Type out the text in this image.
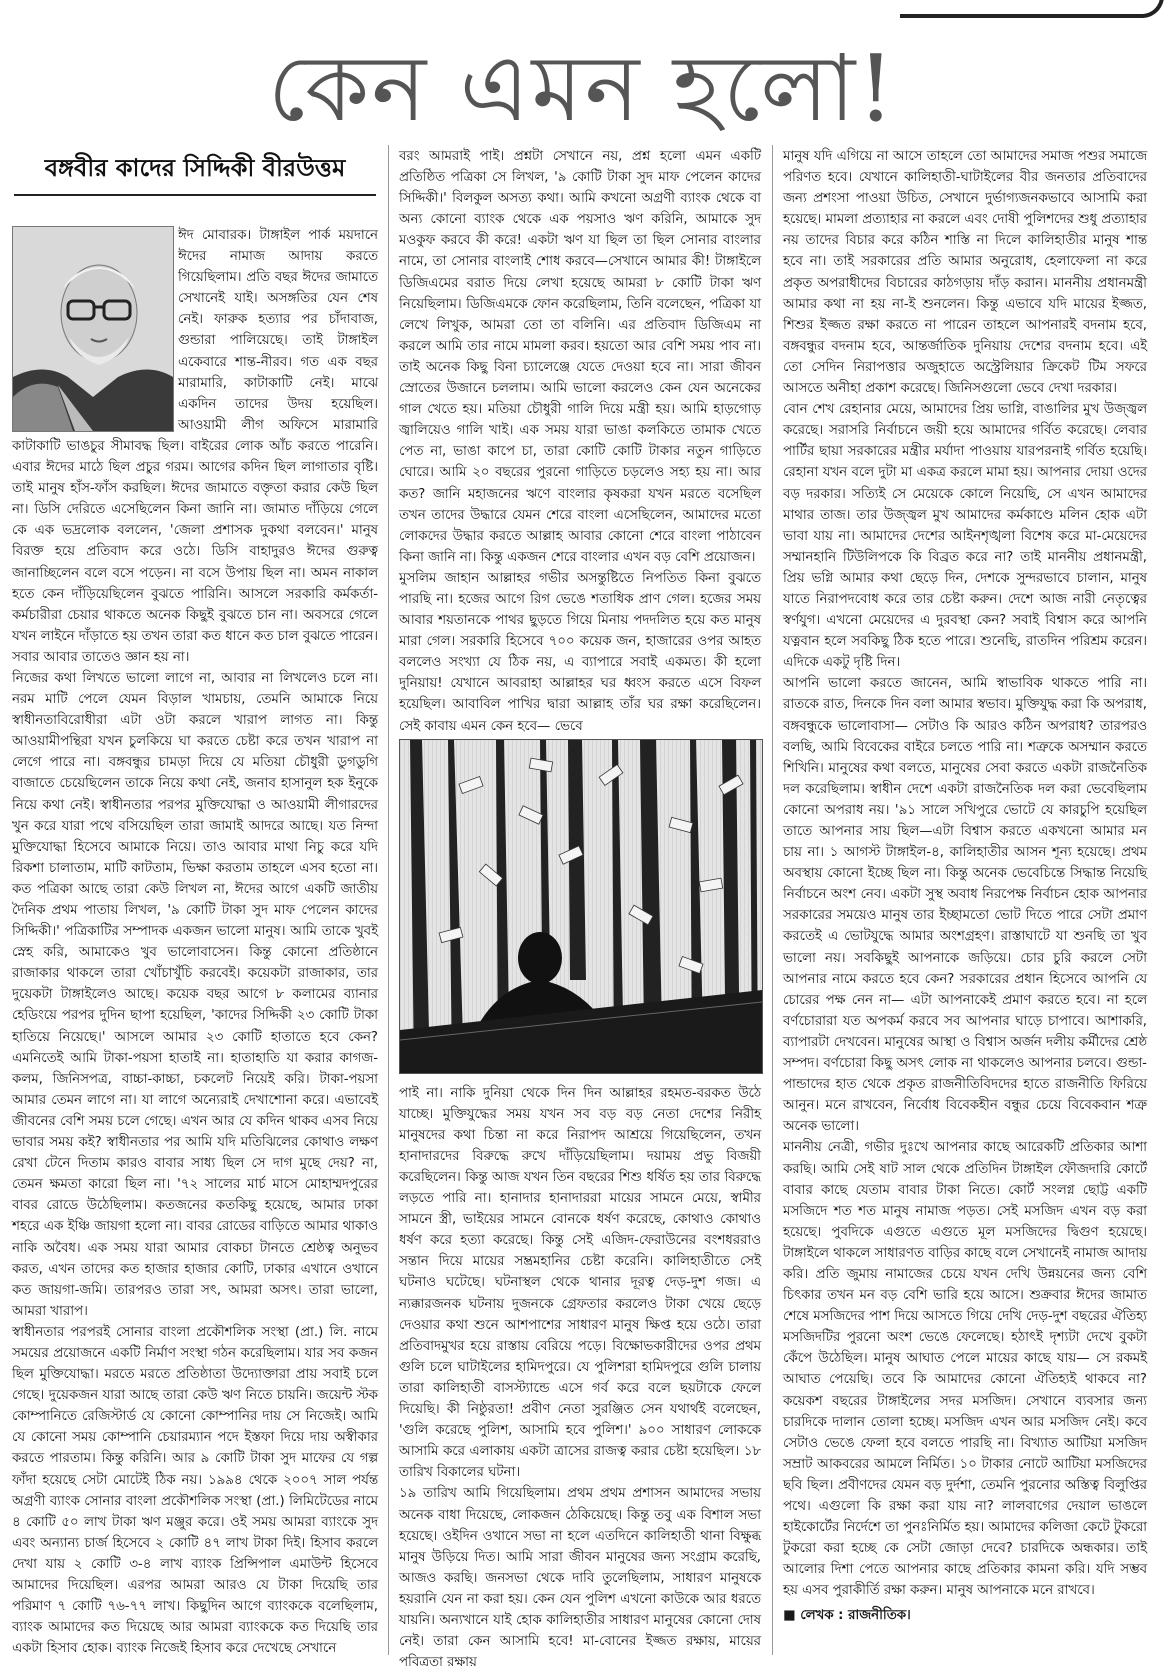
কেন এমন হলো!
বঙ্গবীর কাদের সিদ্দিকী বীরউত্তম

ঈদ মোবারক। টাঙ্গাইল পার্ক ময়দানে ঈদের নামাজ আদায় করতে গিয়েছিলাম। প্রতি বছর ঈদের জামাতে সেখানেই যাই। অসঙ্গতির যেন শেষ নেই। ফারুক হত্যার পর চাঁদাবাজ, গুন্ডারা পালিয়েছে। তাই টাঙ্গাইল একেবারে শান্ত-নীরব। গত এক বছর মারামারি, কাটাকাটি নেই। মাঝে একদিন তাদের উদয় হয়েছিল। আওয়ামী লীগ অফিসে মারামারি কাটাকাটি ভাঙচুর সীমাবদ্ধ ছিল। বাইরের লোক আঁচ করতে পারেনি। এবার ঈদের মাঠে ছিল প্রচুর গরম। আগের কদিন ছিল লাগাতার বৃষ্টি। তাই মানুষ হাঁস-ফাঁস করছিল। ঈদের জামাতে বক্তৃতা করার কেউ ছিল না। ডিসি দেরিতে এসেছিলেন কিনা জানি না। জামাত দাঁড়িয়ে গেলে কে এক ভদ্রলোক বললেন, 'জেলা প্রশাসক দুকথা বলবেন।' মানুষ বিরক্ত হয়ে প্রতিবাদ করে ওঠে। ডিসি বাহাদুরও ঈদের গুরুত্ব জানাচ্ছিলেন বলে বসে পড়েন। না বসে উপায় ছিল না। অমন নাকাল হতে কেন দাঁড়িয়েছিলেন বুঝতে পারিনি। আসলে সরকারি কর্মকর্তা-কর্মচারীরা চেয়ার থাকতে অনেক কিছুই বুঝতে চান না। অবসরে গেলে যখন লাইনে দাঁড়াতে হয় তখন তারা কত ধানে কত চাল বুঝতে পারেন। সবার আবার তাতেও জ্ঞান হয় না।

নিজের কথা লিখতে ভালো লাগে না, আবার না লিখলেও চলে না। নরম মাটি পেলে যেমন বিড়াল খামচায়, তেমনি আমাকে নিয়ে স্বাধীনতাবিরোধীরা এটা ওটা করলে খারাপ লাগত না। কিন্তু আওয়ামীপন্থিরা যখন চুলকিয়ে ঘা করতে চেষ্টা করে তখন খারাপ না লেগে পারে না। বঙ্গবন্ধুর চামড়া দিয়ে যে মতিয়া চৌধুরী ডুগডুগি বাজাতে চেয়েছিলেন তাকে নিয়ে কথা নেই, জনাব হাসানুল হক ইনুকে নিয়ে কথা নেই। স্বাধীনতার পরপর মুক্তিযোদ্ধা ও আওয়ামী লীগারদের খুন করে যারা পথে বসিয়েছিল তারা জামাই আদরে আছে। যত নিন্দা মুক্তিযোদ্ধা হিসেবে আমাকে নিয়ে। তাও আবার মাথা নিচু করে যদি রিকশা চালাতাম, মাটি কাটতাম, ভিক্ষা করতাম তাহলে এসব হতো না। কত পত্রিকা আছে তারা কেউ লিখল না, ঈদের আগে একটি জাতীয় দৈনিক প্রথম পাতায় লিখল, '৯ কোটি টাকা সুদ মাফ পেলেন কাদের সিদ্দিকী।' পত্রিকাটির সম্পাদক একজন ভালো মানুষ। আমি তাকে খুবই স্নেহ করি, আমাকেও খুব ভালোবাসেন। কিন্তু কোনো প্রতিষ্ঠানে রাজাকার থাকলে তারা খোঁচাখুঁচি করবেই। কয়েকটা রাজাকার, তার দুয়েকটা টাঙ্গাইলেও আছে। কয়েক বছর আগে ৮ কলামের ব্যানার হেডিংয়ে পরপর দুদিন ছাপা হয়েছিল, 'কাদের সিদ্দিকী ২৩ কোটি টাকা হাতিয়ে নিয়েছে।' আসলে আমার ২৩ কোটি হাতাতে হবে কেন? এমনিতেই আমি টাকা-পয়সা হাতাই না। হাতাহাতি যা করার কাগজ-কলম, জিনিসপত্র, বাচ্চা-কাচ্চা, চকলেট নিয়েই করি। টাকা-পয়সা আমার তেমন লাগে না। যা লাগে অন্যেরাই দেখাশোনা করে। এভাবেই জীবনের বেশি সময় চলে গেছে। এখন আর যে কদিন থাকব এসব নিয়ে ভাবার সময় কই? স্বাধীনতার পর আমি যদি মতিঝিলের কোথাও লক্ষণ রেখা টেনে দিতাম কারও বাবার সাধ্য ছিল সে দাগ মুছে দেয়? না, তেমন ক্ষমতা কারো ছিল না। '৭২ সালের মার্চ মাসে মোহাম্মদপুরের বাবর রোডে উঠেছিলাম। কতজনের কতকিছু হয়েছে, আমার ঢাকা শহরে এক ইঞ্চি জায়গা হলো না। বাবর রোডের বাড়িতে আমার থাকাও নাকি অবৈধ। এক সময় যারা আমার বোকচা টানতে শ্রেষ্ঠত্ব অনুভব করত, এখন তাদের কত হাজার হাজার কোটি, ঢাকার এখানে ওখানে কত জায়গা-জমি। তারপরও তারা সৎ, আমরা অসৎ। তারা ভালো, আমরা খারাপ।

স্বাধীনতার পরপরই সোনার বাংলা প্রকৌশলিক সংস্থা (প্রা.) লি. নামে সময়ের প্রয়োজনে একটি নির্মাণ সংস্থা গঠন করেছিলাম। যার সব কজন ছিল মুক্তিযোদ্ধা। মরতে মরতে প্রতিষ্ঠাতা উদ্যোক্তারা প্রায় সবাই চলে গেছে। দুয়েকজন যারা আছে তারা কেউ ঋণ নিতে চায়নি। জয়েন্ট স্টক কোম্পানিতে রেজিস্টার্ড যে কোনো কোম্পানির দায় সে নিজেই। আমি যে কোনো সময় কোম্পানি চেয়ারম্যান পদে ইস্তফা দিয়ে দায় অস্বীকার করতে পারতাম। কিন্তু করিনি। আর ৯ কোটি টাকা সুদ মাফের যে গল্প ফাঁদা হয়েছে সেটা মোটেই ঠিক নয়। ১৯৯৪ থেকে ২০০৭ সাল পর্যন্ত অগ্রণী ব্যাংক সোনার বাংলা প্রকৌশলিক সংস্থা (প্রা.) লিমিটেডের নামে ৪ কোটি ৫০ লাখ টাকা ঋণ মঞ্জুর করে। ওই সময় আমরা ব্যাংকে সুদ এবং অন্যান্য চার্জ হিসেবে ২ কোটি ৪৭ লাখ টাকা দিই। হিসাব করলে দেখা যায় ২ কোটি ৩-৪ লাখ ব্যাংক প্রিন্সিপাল এমাউন্ট হিসেবে আমাদের দিয়েছিল। এরপর আমরা আরও যে টাকা দিয়েছি তার পরিমাণ ৭ কোটি ৭৬-৭৭ লাখ। কিছুদিন আগে ব্যাংককে বলেছিলাম, ব্যাংক আমাদের কত দিয়েছে আর আমরা ব্যাংককে কত দিয়েছি তার একটা হিসাব হোক। ব্যাংক নিজেই হিসাব করে দেখেছে সেখানে

বরং আমরাই পাই। প্রশ্নটা সেখানে নয়, প্রশ্ন হলো এমন একটি প্রতিষ্ঠিত পত্রিকা সে লিখল, '৯ কোটি টাকা সুদ মাফ পেলেন কাদের সিদ্দিকী।' বিলকুল অসত্য কথা। আমি কখনো অগ্রণী ব্যাংক থেকে বা অন্য কোনো ব্যাংক থেকে এক পয়সাও ঋণ করিনি, আমাকে সুদ মওকুফ করবে কী করে! একটা ঋণ যা ছিল তা ছিল সোনার বাংলার নামে, তা সোনার বাংলাই শোধ করবে—সেখানে আমার কী! টাঙ্গাইলে ডিজিএমের বরাত দিয়ে লেখা হয়েছে আমরা ৮ কোটি টাকা ঋণ নিয়েছিলাম। ডিজিএমকে ফোন করেছিলাম, তিনি বলেছেন, পত্রিকা যা লেখে লিখুক, আমরা তো তা বলিনি। এর প্রতিবাদ ডিজিএম না করলে আমি তার নামে মামলা করব। হয়তো আর বেশি সময় পাব না। তাই অনেক কিছু বিনা চ্যালেঞ্জে যেতে দেওয়া হবে না। সারা জীবন স্রোতের উজানে চললাম। আমি ভালো করলেও কেন যেন অনেকের গাল খেতে হয়। মতিয়া চৌধুরী গালি দিয়ে মন্ত্রী হয়। আমি হাড়গোড় জ্বালিয়েও গালি খাই। এক সময় যারা ভাঙা কলকিতে তামাক খেতে পেত না, ভাঙা কাপে চা, তারা কোটি কোটি টাকার নতুন গাড়িতে ঘোরে। আমি ২০ বছরের পুরনো গাড়িতে চড়লেও সহ্য হয় না। আর কত? জানি মহাজনের ঋণে বাংলার কৃষকরা যখন মরতে বসেছিল তখন তাদের উদ্ধারে যেমন শেরে বাংলা এসেছিলেন, আমাদের মতো লোকদের উদ্ধার করতে আল্লাহ আবার কোনো শেরে বাংলা পাঠাবেন কিনা জানি না। কিন্তু একজন শেরে বাংলার এখন বড় বেশি প্রয়োজন।

মুসলিম জাহান আল্লাহর গভীর অসন্তুষ্টিতে নিপতিত কিনা বুঝতে পারছি না। হজের আগে রিগ ভেঙে শতাধিক প্রাণ গেল। হজের সময় আবার শয়তানকে পাথর ছুড়তে গিয়ে মিনায় পদদলিত হয়ে কত মানুষ মারা গেল। সরকারি হিসেবে ৭০০ কয়েক জন, হাজারের ওপর আহত বললেও সংখ্যা যে ঠিক নয়, এ ব্যাপারে সবাই একমত। কী হলো দুনিয়ায়! যেখানে আবরাহা আল্লাহর ঘর ধ্বংস করতে এসে বিফল হয়েছিল। আবাবিল পাখির দ্বারা আল্লাহ তাঁর ঘর রক্ষা করেছিলেন। সেই কাবায় এমন কেন হবে— ভেবে

পাই না। নাকি দুনিয়া থেকে দিন দিন আল্লাহর রহমত-বরকত উঠে যাচ্ছে। মুক্তিযুদ্ধের সময় যখন সব বড় বড় নেতা দেশের নিরীহ মানুষদের কথা চিন্তা না করে নিরাপদ আশ্রয়ে গিয়েছিলেন, তখন হানাদারদের বিরুদ্ধে রুখে দাঁড়িয়েছিলাম। দয়াময় প্রভু বিজয়ী করেছিলেন। কিন্তু আজ যখন তিন বছরের শিশু ধর্ষিত হয় তার বিরুদ্ধে লড়তে পারি না। হানাদার হানাদাররা মায়ের সামনে মেয়ে, স্বামীর সামনে স্ত্রী, ভাইয়ের সামনে বোনকে ধর্ষণ করেছে, কোথাও কোথাও ধর্ষণ করে হত্যা করেছে। কিন্তু সেই এজিদ-ফেরাউনের বংশধররাও সন্তান দিয়ে মায়ের সম্ভ্রমহানির চেষ্টা করেনি। কালিহাতীতে সেই ঘটনাও ঘটেছে। ঘটনাস্থল থেকে থানার দূরত্ব দেড়-দুশ গজ। এ ন্যক্কারজনক ঘটনায় দুজনকে গ্রেফতার করলেও টাকা খেয়ে ছেড়ে দেওয়ার কথা শুনে আশপাশের সাধারণ মানুষ ক্ষিপ্ত হয়ে ওঠে। তারা প্রতিবাদমুখর হয়ে রাস্তায় বেরিয়ে পড়ে। বিক্ষোভকারীদের ওপর প্রথম গুলি চলে ঘাটাইলের হামিদপুরে। যে পুলিশরা হামিদপুরে গুলি চালায় তারা কালিহাতী বাসস্ট্যান্ডে এসে গর্ব করে বলে ছয়টাকে ফেলে দিয়েছি। কী নিষ্ঠুরতা! প্রবীণ নেতা সুরঞ্জিত সেন যথার্থই বলেছেন, 'গুলি করেছে পুলিশ, আসামি হবে পুলিশ।' ৯০০ সাধারণ লোককে আসামি করে এলাকায় একটা ত্রাসের রাজত্ব করার চেষ্টা হয়েছিল। ১৮ তারিখ বিকালের ঘটনা।

১৯ তারিখ আমি গিয়েছিলাম। প্রথম প্রথম প্রশাসন আমাদের সভায় অনেক বাধা দিয়েছে, লোকজন ঠেকিয়েছে। কিন্তু তবু এক বিশাল সভা হয়েছে। ওইদিন ওখানে সভা না হলে এতদিনে কালিহাতী থানা বিক্ষুব্ধ মানুষ উড়িয়ে দিত। আমি সারা জীবন মানুষের জন্য সংগ্রাম করেছি, আজও করছি। জনসভা থেকে দাবি তুলেছিলাম, সাধারণ মানুষকে হয়রানি যেন না করা হয়। কেন যেন পুলিশ এখনো কাউকে আর ধরতে যায়নি। অন্যখানে যাই হোক কালিহাতীর সাধারণ মানুষের কোনো দোষ নেই। তারা কেন আসামি হবে! মা-বোনের ইজ্জত রক্ষায়, মায়ের পবিত্রতা রক্ষায়

মানুষ যদি এগিয়ে না আসে তাহলে তো আমাদের সমাজ পশুর সমাজে পরিণত হবে। যেখানে কালিহাতী-ঘাটাইলের বীর জনতার প্রতিবাদের জন্য প্রশংসা পাওয়া উচিত, সেখানে দুর্ভাগ্যজনকভাবে আসামি করা হয়েছে। মামলা প্রত্যাহার না করলে এবং দোষী পুলিশদের শুধু প্রত্যাহার নয় তাদের বিচার করে কঠিন শাস্তি না দিলে কালিহাতীর মানুষ শান্ত হবে না। তাই সরকারের প্রতি আমার অনুরোধ, হেলাফেলা না করে প্রকৃত অপরাধীদের বিচারের কাঠগড়ায় দাঁড় করান। মাননীয় প্রধানমন্ত্রী আমার কথা না হয় না-ই শুনলেন। কিন্তু এভাবে যদি মায়ের ইজ্জত, শিশুর ইজ্জত রক্ষা করতে না পারেন তাহলে আপনারই বদনাম হবে, বঙ্গবন্ধুর বদনাম হবে, আন্তর্জাতিক দুনিয়ায় দেশের বদনাম হবে। এই তো সেদিন নিরাপত্তার অজুহাতে অস্ট্রেলিয়ার ক্রিকেট টিম সফরে আসতে অনীহা প্রকাশ করেছে। জিনিসগুলো ভেবে দেখা দরকার।

বোন শেখ রেহানার মেয়ে, আমাদের প্রিয় ভাগ্নি, বাঙালির মুখ উজ্জ্বল করেছে। সরাসরি নির্বাচনে জয়ী হয়ে আমাদের গর্বিত করেছে। লেবার পার্টির ছায়া সরকারের মন্ত্রীর মর্যাদা পাওয়ায় যারপরনাই গর্বিত হয়েছি। রেহানা যখন বলে দুটা মা একত্র করলে মামা হয়। আপনার দোয়া ওদের বড় দরকার। সত্যিই সে মেয়েকে কোলে নিয়েছি, সে এখন আমাদের মাথার তাজ। তার উজ্জ্বল মুখ আমাদের কর্মকাণ্ডে মলিন হোক এটা ভাবা যায় না। আমাদের দেশের আইনশৃঙ্খলা বিশেষ করে মা-মেয়েদের সম্মানহানি টিউলিপকে কি বিব্রত করে না? তাই মাননীয় প্রধানমন্ত্রী, প্রিয় ভগ্নি আমার কথা ছেড়ে দিন, দেশকে সুন্দরভাবে চালান, মানুষ যাতে নিরাপদবোধ করে তার চেষ্টা করুন। দেশে আজ নারী নেতৃত্বের স্বর্ণযুগ। এখনো মেয়েদের এ দুরবস্থা কেন? সবাই বিশ্বাস করে আপনি যত্নবান হলে সবকিছু ঠিক হতে পারে। শুনেছি, রাতদিন পরিশ্রম করেন। এদিকে একটু দৃষ্টি দিন।

আপনি ভালো করতে জানেন, আমি স্বাভাবিক থাকতে পারি না। রাতকে রাত, দিনকে দিন বলা আমার স্বভাব। মুক্তিযুদ্ধ করা কি অপরাধ, বঙ্গবন্ধুকে ভালোবাসা— সেটাও কি আরও কঠিন অপরাধ? তারপরও বলছি, আমি বিবেকের বাইরে চলতে পারি না। শত্রুকে অসম্মান করতে শিখিনি। মানুষের কথা বলতে, মানুষের সেবা করতে একটা রাজনৈতিক দল করেছিলাম। স্বাধীন দেশে একটা রাজনৈতিক দল করা ভেবেছিলাম কোনো অপরাধ নয়। '৯১ সালে সখিপুরে ভোটে যে কারচুপি হয়েছিল তাতে আপনার সায় ছিল—এটা বিশ্বাস করতে একখনো আমার মন চায় না। ১ আগস্ট টাঙ্গাইল-৪, কালিহাতীর আসন শূন্য হয়েছে। প্রথম অবস্থায় কোনো ইচ্ছে ছিল না। কিন্তু অনেক ভেবেচিন্তে সিদ্ধান্ত নিয়েছি নির্বাচনে অংশ নেব। একটা সুস্থ অবাধ নিরপেক্ষ নির্বাচন হোক আপনার সরকারের সময়েও মানুষ তার ইচ্ছামতো ভোট দিতে পারে সেটা প্রমাণ করতেই এ ভোটযুদ্ধে আমার অংশগ্রহণ। রাস্তাঘাটে যা শুনছি তা খুব ভালো নয়। সবকিছুই আপনাকে জড়িয়ে। চোর চুরি করলে সেটা আপনার নামে করতে হবে কেন? সরকারের প্রধান হিসেবে আপনি যে চোরের পক্ষ নেন না— এটা আপনাকেই প্রমাণ করতে হবে। না হলে বর্ণচোরারা যত অপকর্ম করবে সব আপনার ঘাড়ে চাপাবে। আশাকরি, ব্যাপারটা দেখবেন। মানুষের আস্থা ও বিশ্বাস অর্জন দলীয় কর্মীদের শ্রেষ্ঠ সম্পদ। বর্ণচোরা কিছু অসৎ লোক না থাকলেও আপনার চলবে। গুন্ডা-পান্ডাদের হাত থেকে প্রকৃত রাজনীতিবিদদের হাতে রাজনীতি ফিরিয়ে আনুন। মনে রাখবেন, নির্বোধ বিবেকহীন বন্ধুর চেয়ে বিবেকবান শত্রু অনেক ভালো।

মাননীয় নেত্রী, গভীর দুঃখে আপনার কাছে আরেকটি প্রতিকার আশা করছি। আমি সেই ষাট সাল থেকে প্রতিদিন টাঙ্গাইল ফৌজদারি কোর্টে বাবার কাছে যেতাম বাবার টাকা নিতে। কোর্ট সংলগ্ন ছোট্ট একটি মসজিদে শত শত মানুষ নামাজ পড়ত। সেই মসজিদ এখন বড় করা হয়েছে। পুবদিকে এগুতে এগুতে মূল মসজিদের দ্বিগুণ হয়েছে। টাঙ্গাইলে থাকলে সাধারণত বাড়ির কাছে বলে সেখানেই নামাজ আদায় করি। প্রতি জুমায় নামাজের চেয়ে যখন দেখি উন্নয়নের জন্য বেশি চিৎকার তখন মন বড় বেশি ভারি হয়ে আসে। শুক্রবার ঈদের জামাত শেষে মসজিদের পাশ দিয়ে আসতে গিয়ে দেখি দেড়-দুশ বছরের ঐতিহ্য মসজিদটির পুরনো অংশ ভেঙে ফেলেছে। হঠাৎই দৃশ্যটা দেখে বুকটা কেঁপে উঠেছিল। মানুষ আঘাত পেলে মায়ের কাছে যায়— সে রকমই আঘাত পেয়েছি। তবে কি আমাদের কোনো ঐতিহ্যই থাকবে না? কয়েকশ বছরের টাঙ্গাইলের সদর মসজিদ। সেখানে ব্যবসার জন্য চারদিকে দালান তোলা হচ্ছে। মসজিদ এখন আর মসজিদ নেই। কবে সেটাও ভেঙে ফেলা হবে বলতে পারছি না। বিখ্যাত আটিয়া মসজিদ সম্রাট আকবরের আমলে নির্মিত। ১০ টাকার নোটে আটিয়া মসজিদের ছবি ছিল। প্রবীণদের যেমন বড় দুর্দশা, তেমনি পুরনোর অস্তিত্ব বিলুপ্তির পথে। এগুলো কি রক্ষা করা যায় না? লালবাগের দেয়াল ভাঙলে হাইকোর্টের নির্দেশে তা পুনঃনির্মিত হয়। আমাদের কলিজা কেটে টুকরো টুকরো করা হচ্ছে কে সেটা জোড়া দেবে? চারদিকে অন্ধকার। তাই আলোর দিশা পেতে আপনার কাছে প্রতিকার কামনা করি। যদি সম্ভব হয় এসব পুরাকীর্তি রক্ষা করুন। মানুষ আপনাকে মনে রাখবে।

■ লেখক : রাজনীতিক।
